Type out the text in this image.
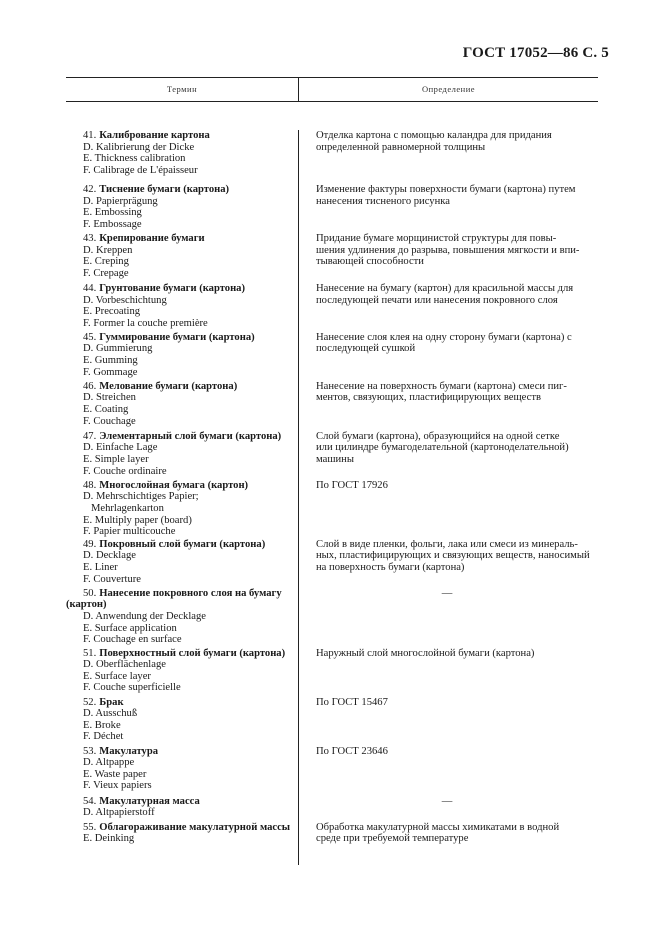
ГОСТ 17052—86 С. 5
Термин	Определение
41. Калибрование картона
D. Kalibrierung der Dicke
E. Thickness calibration
F. Calibrage de L'épaisseur
Отделка картона с помощью каландра для придания
определенной равномерной толщины
42. Тиснение бумаги (картона)
D. Papierprägung
E. Embossing
F. Embossage
Изменение фактуры поверхности бумаги (картона) путем
нанесения тисненого рисунка
43. Крепирование бумаги
D. Kreppen
E. Creping
F. Crepage
Придание бумаге морщинистой структуры для повы-
шения удлинения до разрыва, повышения мягкости и впи-
тывающей способности
44. Грунтование бумаги (картона)
D. Vorbeschichtung
E. Precoating
F. Former la couche première
Нанесение на бумагу (картон) для красильной массы для
последующей печати или нанесения покровного слоя
45. Гуммирование бумаги (картона)
D. Gummierung
E. Gumming
F. Gommage
Нанесение слоя клея на одну сторону бумаги (картона) с
последующей сушкой
46. Мелование бумаги (картона)
D. Streichen
E. Coating
F. Couchage
Нанесение на поверхность бумаги (картона) смеси пиг-
ментов, связующих, пластифицирующих веществ
47. Элементарный слой бумаги (картона)
D. Einfache Lage
E. Simple layer
F. Couche ordinaire
Слой бумаги (картона), образующийся на одной сетке
или цилиндре бумагоделательной (картоноделательной)
машины
48. Многослойная бумага (картон)
D. Mehrschichtiges Papier;
Mehrlagenkarton
E. Multiply paper (board)
F. Papier multicouche
По ГОСТ 17926
49. Покровный слой бумаги (картона)
D. Decklage
E. Liner
F. Couverture
Слой в виде пленки, фольги, лака или смеси из минераль-
ных, пластифицирующих и связующих веществ, наносимый
на поверхность бумаги (картона)
50. Нанесение покровного слоя на бумагу
(картон)
D. Anwendung der Decklage
E. Surface application
F. Couchage en surface
—
51. Поверхностный слой бумаги (картона)
D. Oberflächenlage
E. Surface layer
F. Couche superficielle
Наружный слой многослойной бумаги (картона)
52. Брак
D. Ausschuß
E. Broke
F. Déchet
По ГОСТ 15467
53. Макулатура
D. Altpappe
E. Waste paper
F. Vieux papiers
По ГОСТ 23646
54. Макулатурная масса
D. Altpapierstoff
—
55. Облагораживание макулатурной массы
E. Deinking
Обработка макулатурной массы химикатами в водной
среде при требуемой температуре
